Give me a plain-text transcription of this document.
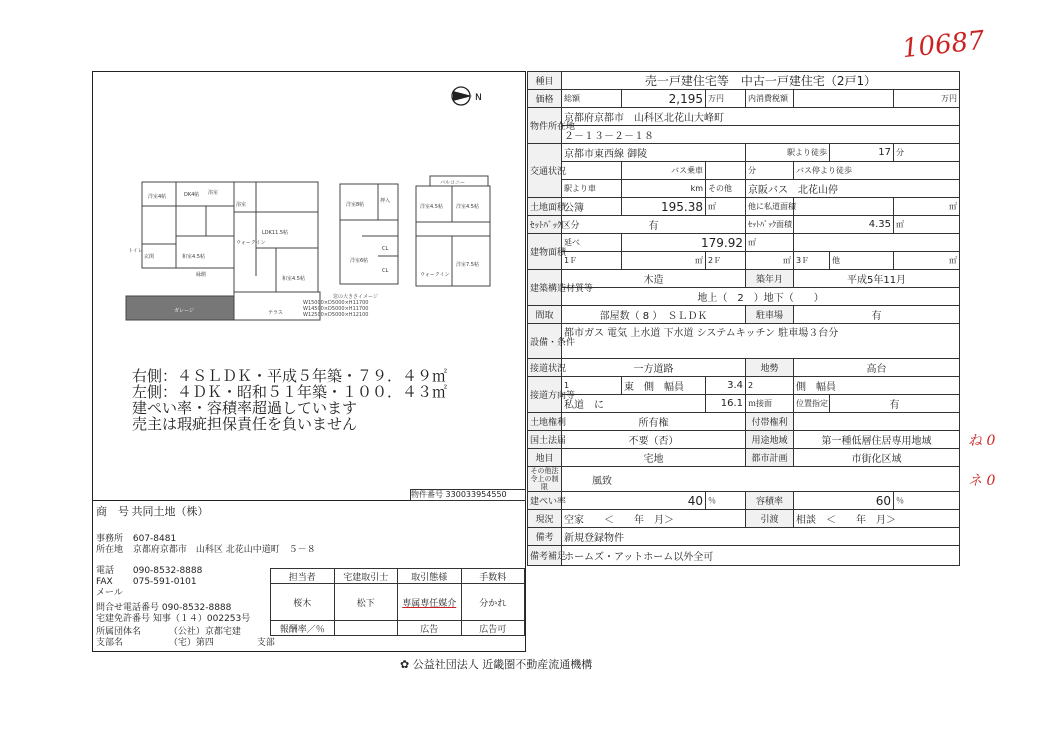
10687
ね 0
ネ 0
N
洋室4帖	DK4帖 浴室
トイレ
玄関	和室4.5帖
LDK11.5帖
浴室
ウォークイン
和室4.5帖
縁側
テラス
ガレージ
洋室8帖
押入
洋室6帖
CL
CL
バルコニー
洋室4.5帖	洋室4.5帖
洋室7.5帖
ウォークイン
窓の大きさイメージ
W15000×D5000×H11700
W14500×D5000×H11700
W12500×D5000×H12100
右側：４ＳＬＤＫ・平成５年築・７９．４９㎡
左側：４ＤＫ・昭和５１年築・１００．４３㎡
建ぺい率・容積率超過しています
売主は瑕疵担保責任を負いません
物件番号 330033954550
商　号 共同土地（株）
事務所 607-8481
所在地 京都府京都市　山科区 北花山中道町　５－８
電話 090-8532-8888
FAX 075-591-0101
メール
問合せ電話番号 090-8532-8888
宅建免許番号 知事（１４）002253号
所属団体名	（公社）京都宅建
支部名	（宅）第四	支部
担当者	宅建取引士	取引態様	手数料
桜木	松下	専属専任媒介	分かれ
報酬率／％		広告	広告可
✿ 公益社団法人 近畿圏不動産流通機構
種目	売一戸建住宅等　中古一戸建住宅（2戸1）						
価格	総額	2,195	万円	内消費税額			万円
物件所在地	京都府京都市　山科区北花山大峰町						
	２－１３－２－１８						
交通状況	京都市東西線 御陵			駅より徒歩		17	分
		バス乗車		分	バス停より徒歩		
	駅より車	km	その他	京阪バス　北花山停			
土地面積	公簿	195.38	㎡	他に私道面積			㎡
ｾｯﾄﾊﾞｯｸ区分	有			ｾｯﾄﾊﾞｯｸ面積	4.35		㎡
建物面積	延べ	179.92		㎡			
	1Ｆ	㎡	2Ｆ	㎡	3Ｆ	他	㎡
建築構造材質等	木造			築年月	平成5年11月		
	地上（　2　）地下（　　）						
間取	部屋数（ 8 ）　ＳＬＤＫ			駐車場	有		
設備・条件	都市ガス 電気 上水道 下水道 システムキッチン 駐車場３台分						
接道状況	一方道路			地勢	高台		
接道方向等	1	東　側　幅員	3.4	2	側　幅員		
	私道　に		16.1	ｍ接面	位置指定	有	
土地権利	所有権			付帯権利			
国土法届	不要（否）			用途地域	第一種低層住居専用地域		
地目	宅地			都市計画	市街化区域		
その他法令上の制限	風致						
建ぺい率	40		％	容積率	60		％
現況	空家　　＜　　年　月＞			引渡	相談　＜　　年　月＞		
備考	新規登録物件						
備考補足	ホームズ・アットホーム以外全可						
